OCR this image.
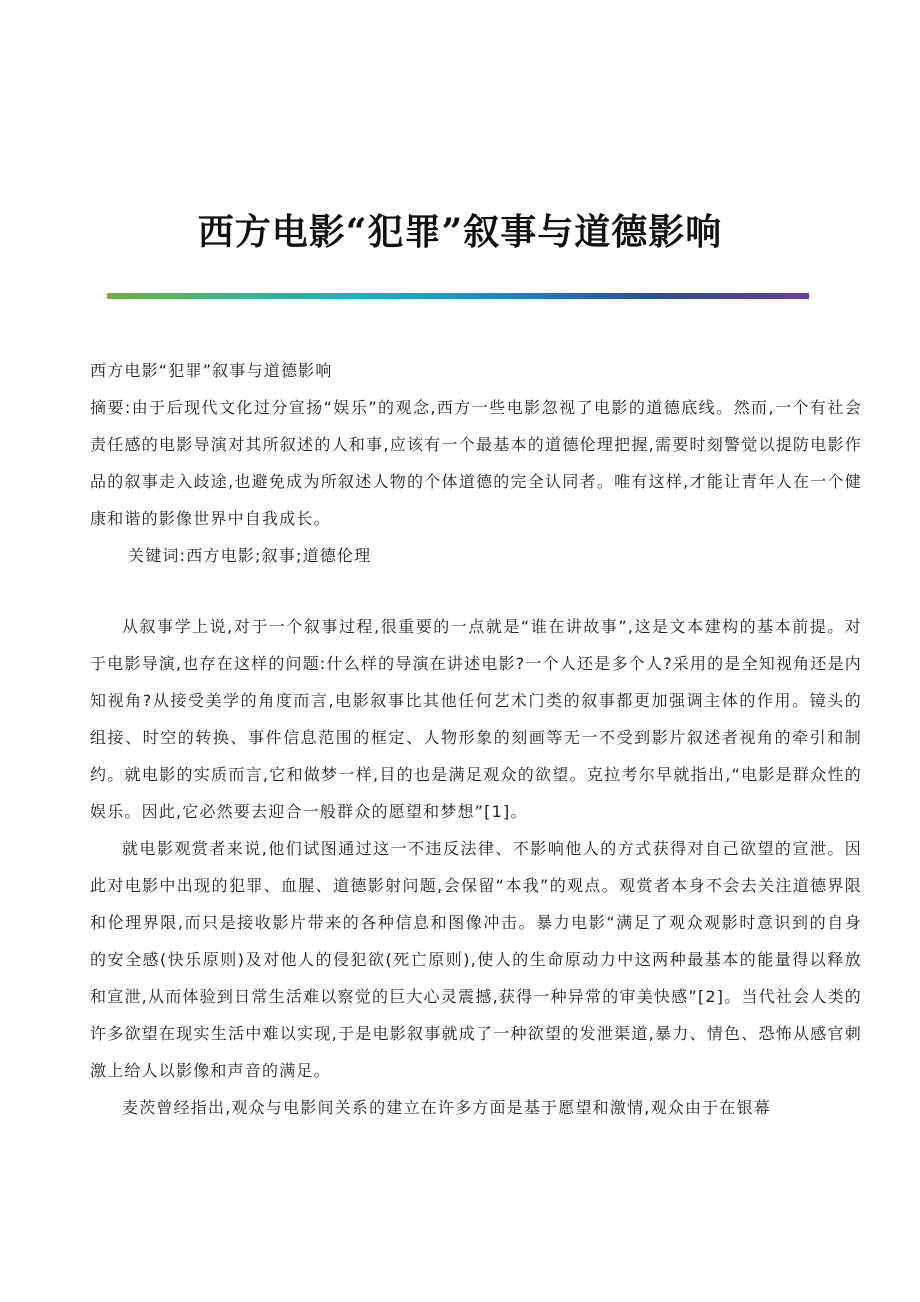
西方电影“犯罪”叙事与道德影响

西方电影“犯罪”叙事与道德影响

摘要:由于后现代文化过分宣扬“娱乐”的观念,西方一些电影忽视了电影的道德底线。然而,一个有社会责任感的电影导演对其所叙述的人和事,应该有一个最基本的道德伦理把握,需要时刻警觉以提防电影作品的叙事走入歧途,也避免成为所叙述人物的个体道德的完全认同者。唯有这样,才能让青年人在一个健康和谐的影像世界中自我成长。

关键词:西方电影;叙事;道德伦理

从叙事学上说,对于一个叙事过程,很重要的一点就是“谁在讲故事”,这是文本建构的基本前提。对于电影导演,也存在这样的问题:什么样的导演在讲述电影?一个人还是多个人?采用的是全知视角还是内知视角?从接受美学的角度而言,电影叙事比其他任何艺术门类的叙事都更加强调主体的作用。镜头的组接、时空的转换、事件信息范围的框定、人物形象的刻画等无一不受到影片叙述者视角的牵引和制约。就电影的实质而言,它和做梦一样,目的也是满足观众的欲望。克拉考尔早就指出,“电影是群众性的娱乐。因此,它必然要去迎合一般群众的愿望和梦想”[1]。

就电影观赏者来说,他们试图通过这一不违反法律、不影响他人的方式获得对自己欲望的宣泄。因此对电影中出现的犯罪、血腥、道德影射问题,会保留“本我”的观点。观赏者本身不会去关注道德界限和伦理界限,而只是接收影片带来的各种信息和图像冲击。暴力电影“满足了观众观影时意识到的自身的安全感(快乐原则)及对他人的侵犯欲(死亡原则),使人的生命原动力中这两种最基本的能量得以释放和宣泄,从而体验到日常生活难以察觉的巨大心灵震撼,获得一种异常的审美快感”[2]。当代社会人类的许多欲望在现实生活中难以实现,于是电影叙事就成了一种欲望的发泄渠道,暴力、情色、恐怖从感官刺激上给人以影像和声音的满足。

麦茨曾经指出,观众与电影间关系的建立在许多方面是基于愿望和激情,观众由于在银幕
